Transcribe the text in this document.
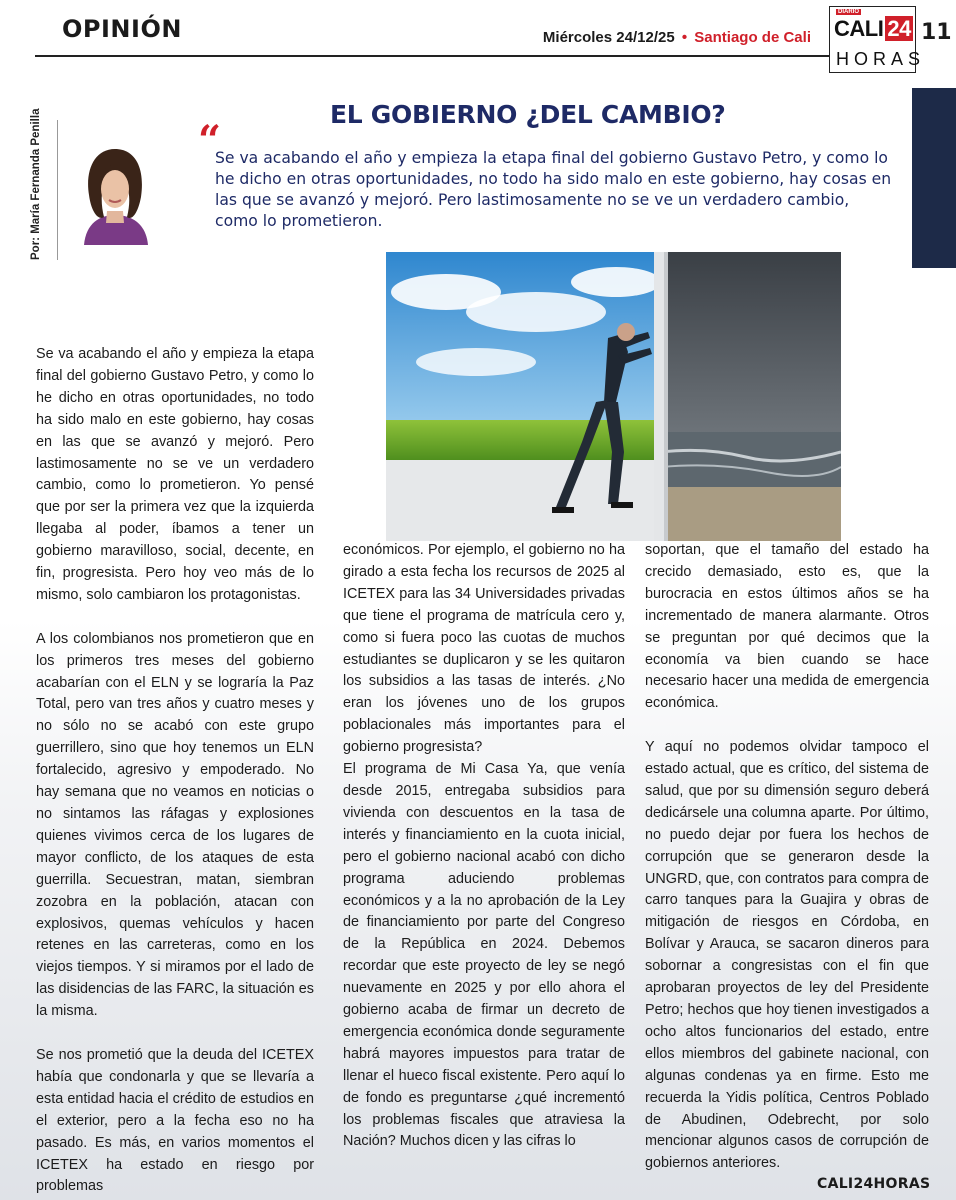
OPINIÓN	Miércoles 24/12/25 • Santiago de Cali
DIARIO
CALI 24
HORAS
11
Por: María Fernanda Penilla	EL GOBIERNO ¿DEL CAMBIO?
“
Se va acabando el año y empieza la etapa final del gobierno Gustavo Petro, y como lo he dicho en otras oportunidades, no todo ha sido malo en este gobierno, hay cosas en las que se avanzó y mejoró. Pero lastimosamente no se ve un verdadero cambio, como lo prometieron.

Se va acabando el año y empieza la etapa final del gobierno Gustavo Petro, y como lo he dicho en otras oportunidades, no todo ha sido malo en este gobierno, hay cosas en las que se avanzó y mejoró. Pero lastimosamente no se ve un verdadero cambio, como lo prometieron. Yo pensé que por ser la primera vez que la izquierda llegaba al poder, íbamos a tener un gobierno maravilloso, social, decente, en fin, progresista. Pero hoy veo más de lo mismo, solo cambiaron los protagonistas.

A los colombianos nos prometieron que en los primeros tres meses del gobierno acabarían con el ELN y se lograría la Paz Total, pero van tres años y cuatro meses y no sólo no se acabó con este grupo guerrillero, sino que hoy tenemos un ELN fortalecido, agresivo y empoderado. No hay semana que no veamos en noticias o no sintamos las ráfagas y explosiones quienes vivimos cerca de los lugares de mayor conflicto, de los ataques de esta guerrilla. Secuestran, matan, siembran zozobra en la población, atacan con explosivos, quemas vehículos y hacen retenes en las carreteras, como en los viejos tiempos. Y si miramos por el lado de las disidencias de las FARC, la situación es la misma.

Se nos prometió que la deuda del ICETEX había que condonarla y que se llevaría a esta entidad hacia el crédito de estudios en el exterior, pero a la fecha eso no ha pasado. Es más, en varios momentos el ICETEX ha estado en riesgo por problemas

económicos. Por ejemplo, el gobierno no ha girado a esta fecha los recursos de 2025 al ICETEX para las 34 Universidades privadas que tiene el programa de matrícula cero y, como si fuera poco las cuotas de muchos estudiantes se duplicaron y se les quitaron los subsidios a las tasas de interés. ¿No eran los jóvenes uno de los grupos poblacionales más importantes para el gobierno progresista?

El programa de Mi Casa Ya, que venía desde 2015, entregaba subsidios para vivienda con descuentos en la tasa de interés y financiamiento en la cuota inicial, pero el gobierno nacional acabó con dicho programa aduciendo problemas económicos y a la no aprobación de la Ley de financiamiento por parte del Congreso de la República en 2024. Debemos recordar que este proyecto de ley se negó nuevamente en 2025 y por ello ahora el gobierno acaba de firmar un decreto de emergencia económica donde seguramente habrá mayores impuestos para tratar de llenar el hueco fiscal existente. Pero aquí lo de fondo es preguntarse ¿qué incrementó los problemas fiscales que atraviesa la Nación? Muchos dicen y las cifras lo

soportan, que el tamaño del estado ha crecido demasiado, esto es, que la burocracia en estos últimos años se ha incrementado de manera alarmante. Otros se preguntan por qué decimos que la economía va bien cuando se hace necesario hacer una medida de emergencia económica.

Y aquí no podemos olvidar tampoco el estado actual, que es crítico, del sistema de salud, que por su dimensión seguro deberá dedicársele una columna aparte. Por último, no puedo dejar por fuera los hechos de corrupción que se generaron desde la UNGRD, que, con contratos para compra de carro tanques para la Guajira y obras de mitigación de riesgos en Córdoba, en Bolívar y Arauca, se sacaron dineros para sobornar a congresistas con el fin que aprobaran proyectos de ley del Presidente Petro; hechos que hoy tienen investigados a ocho altos funcionarios del estado, entre ellos miembros del gabinete nacional, con algunas condenas ya en firme. Esto me recuerda la Yidis política, Centros Poblado de Abudinen, Odebrecht, por solo mencionar algunos casos de corrupción de gobiernos anteriores.

CALI24HORAS
